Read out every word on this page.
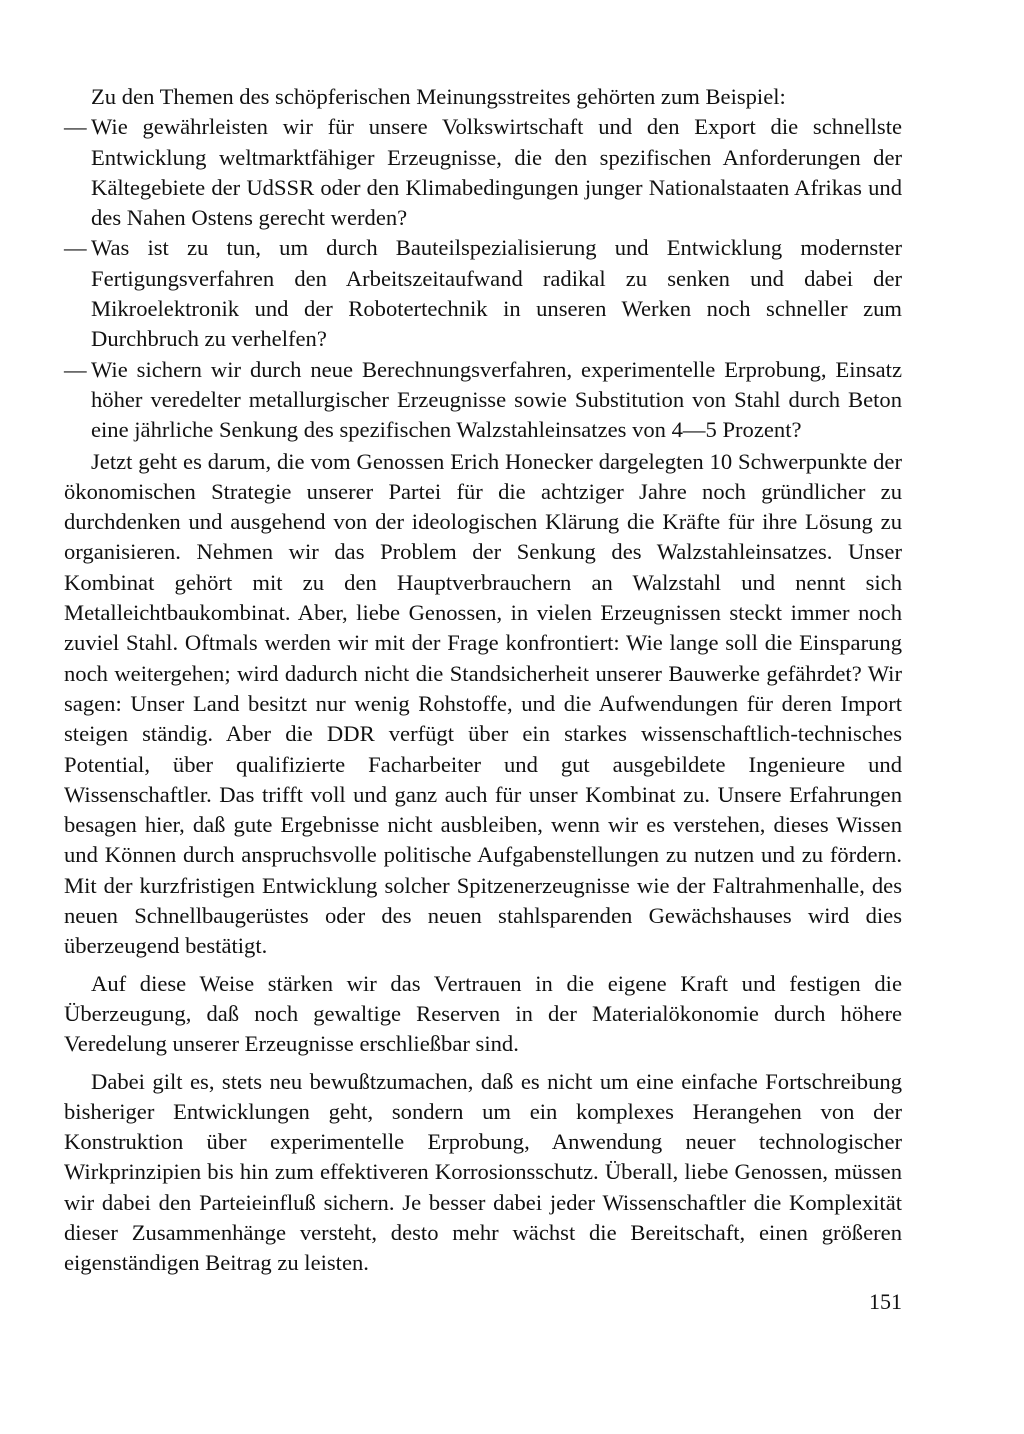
Zu den Themen des schöpferischen Meinungsstreites gehörten zum Beispiel:

— Wie gewährleisten wir für unsere Volkswirtschaft und den Export die schnellste Entwicklung weltmarktfähiger Erzeugnisse, die den spezifischen Anforderungen der Kältegebiete der UdSSR oder den Klimabedingungen junger Nationalstaaten Afrikas und des Nahen Ostens gerecht werden?

— Was ist zu tun, um durch Bauteilspezialisierung und Entwicklung modernster Fertigungsverfahren den Arbeitszeitaufwand radikal zu senken und dabei der Mikroelektronik und der Robotertechnik in unseren Werken noch schneller zum Durchbruch zu verhelfen?

— Wie sichern wir durch neue Berechnungsverfahren, experimentelle Erprobung, Einsatz höher veredelter metallurgischer Erzeugnisse sowie Substitution von Stahl durch Beton eine jährliche Senkung des spezifischen Walzstahleinsatzes von 4—5 Prozent?

Jetzt geht es darum, die vom Genossen Erich Honecker dargelegten 10 Schwerpunkte der ökonomischen Strategie unserer Partei für die achtziger Jahre noch gründlicher zu durchdenken und ausgehend von der ideologischen Klärung die Kräfte für ihre Lösung zu organisieren. Nehmen wir das Problem der Senkung des Walzstahleinsatzes. Unser Kombinat gehört mit zu den Hauptverbrauchern an Walzstahl und nennt sich Metalleichtbaukombinat. Aber, liebe Genossen, in vielen Erzeugnissen steckt immer noch zuviel Stahl. Oftmals werden wir mit der Frage konfrontiert: Wie lange soll die Einsparung noch weitergehen; wird dadurch nicht die Standsicherheit unserer Bauwerke gefährdet? Wir sagen: Unser Land besitzt nur wenig Rohstoffe, und die Aufwendungen für deren Import steigen ständig. Aber die DDR verfügt über ein starkes wissenschaftlich-technisches Potential, über qualifizierte Facharbeiter und gut ausgebildete Ingenieure und Wissenschaftler. Das trifft voll und ganz auch für unser Kombinat zu. Unsere Erfahrungen besagen hier, daß gute Ergebnisse nicht ausbleiben, wenn wir es verstehen, dieses Wissen und Können durch anspruchsvolle politische Aufgabenstellungen zu nutzen und zu fördern. Mit der kurzfristigen Entwicklung solcher Spitzenerzeugnisse wie der Faltrahmenhalle, des neuen Schnellbaugerüstes oder des neuen stahlsparenden Gewächshauses wird dies überzeugend bestätigt.

Auf diese Weise stärken wir das Vertrauen in die eigene Kraft und festigen die Überzeugung, daß noch gewaltige Reserven in der Materialökonomie durch höhere Veredelung unserer Erzeugnisse erschließbar sind.

Dabei gilt es, stets neu bewußtzumachen, daß es nicht um eine einfache Fortschreibung bisheriger Entwicklungen geht, sondern um ein komplexes Herangehen von der Konstruktion über experimentelle Erprobung, Anwendung neuer technologischer Wirkprinzipien bis hin zum effektiveren Korrosionsschutz. Überall, liebe Genossen, müssen wir dabei den Parteieinfluß sichern. Je besser dabei jeder Wissenschaftler die Komplexität dieser Zusammenhänge versteht, desto mehr wächst die Bereitschaft, einen größeren eigenständigen Beitrag zu leisten.

151
